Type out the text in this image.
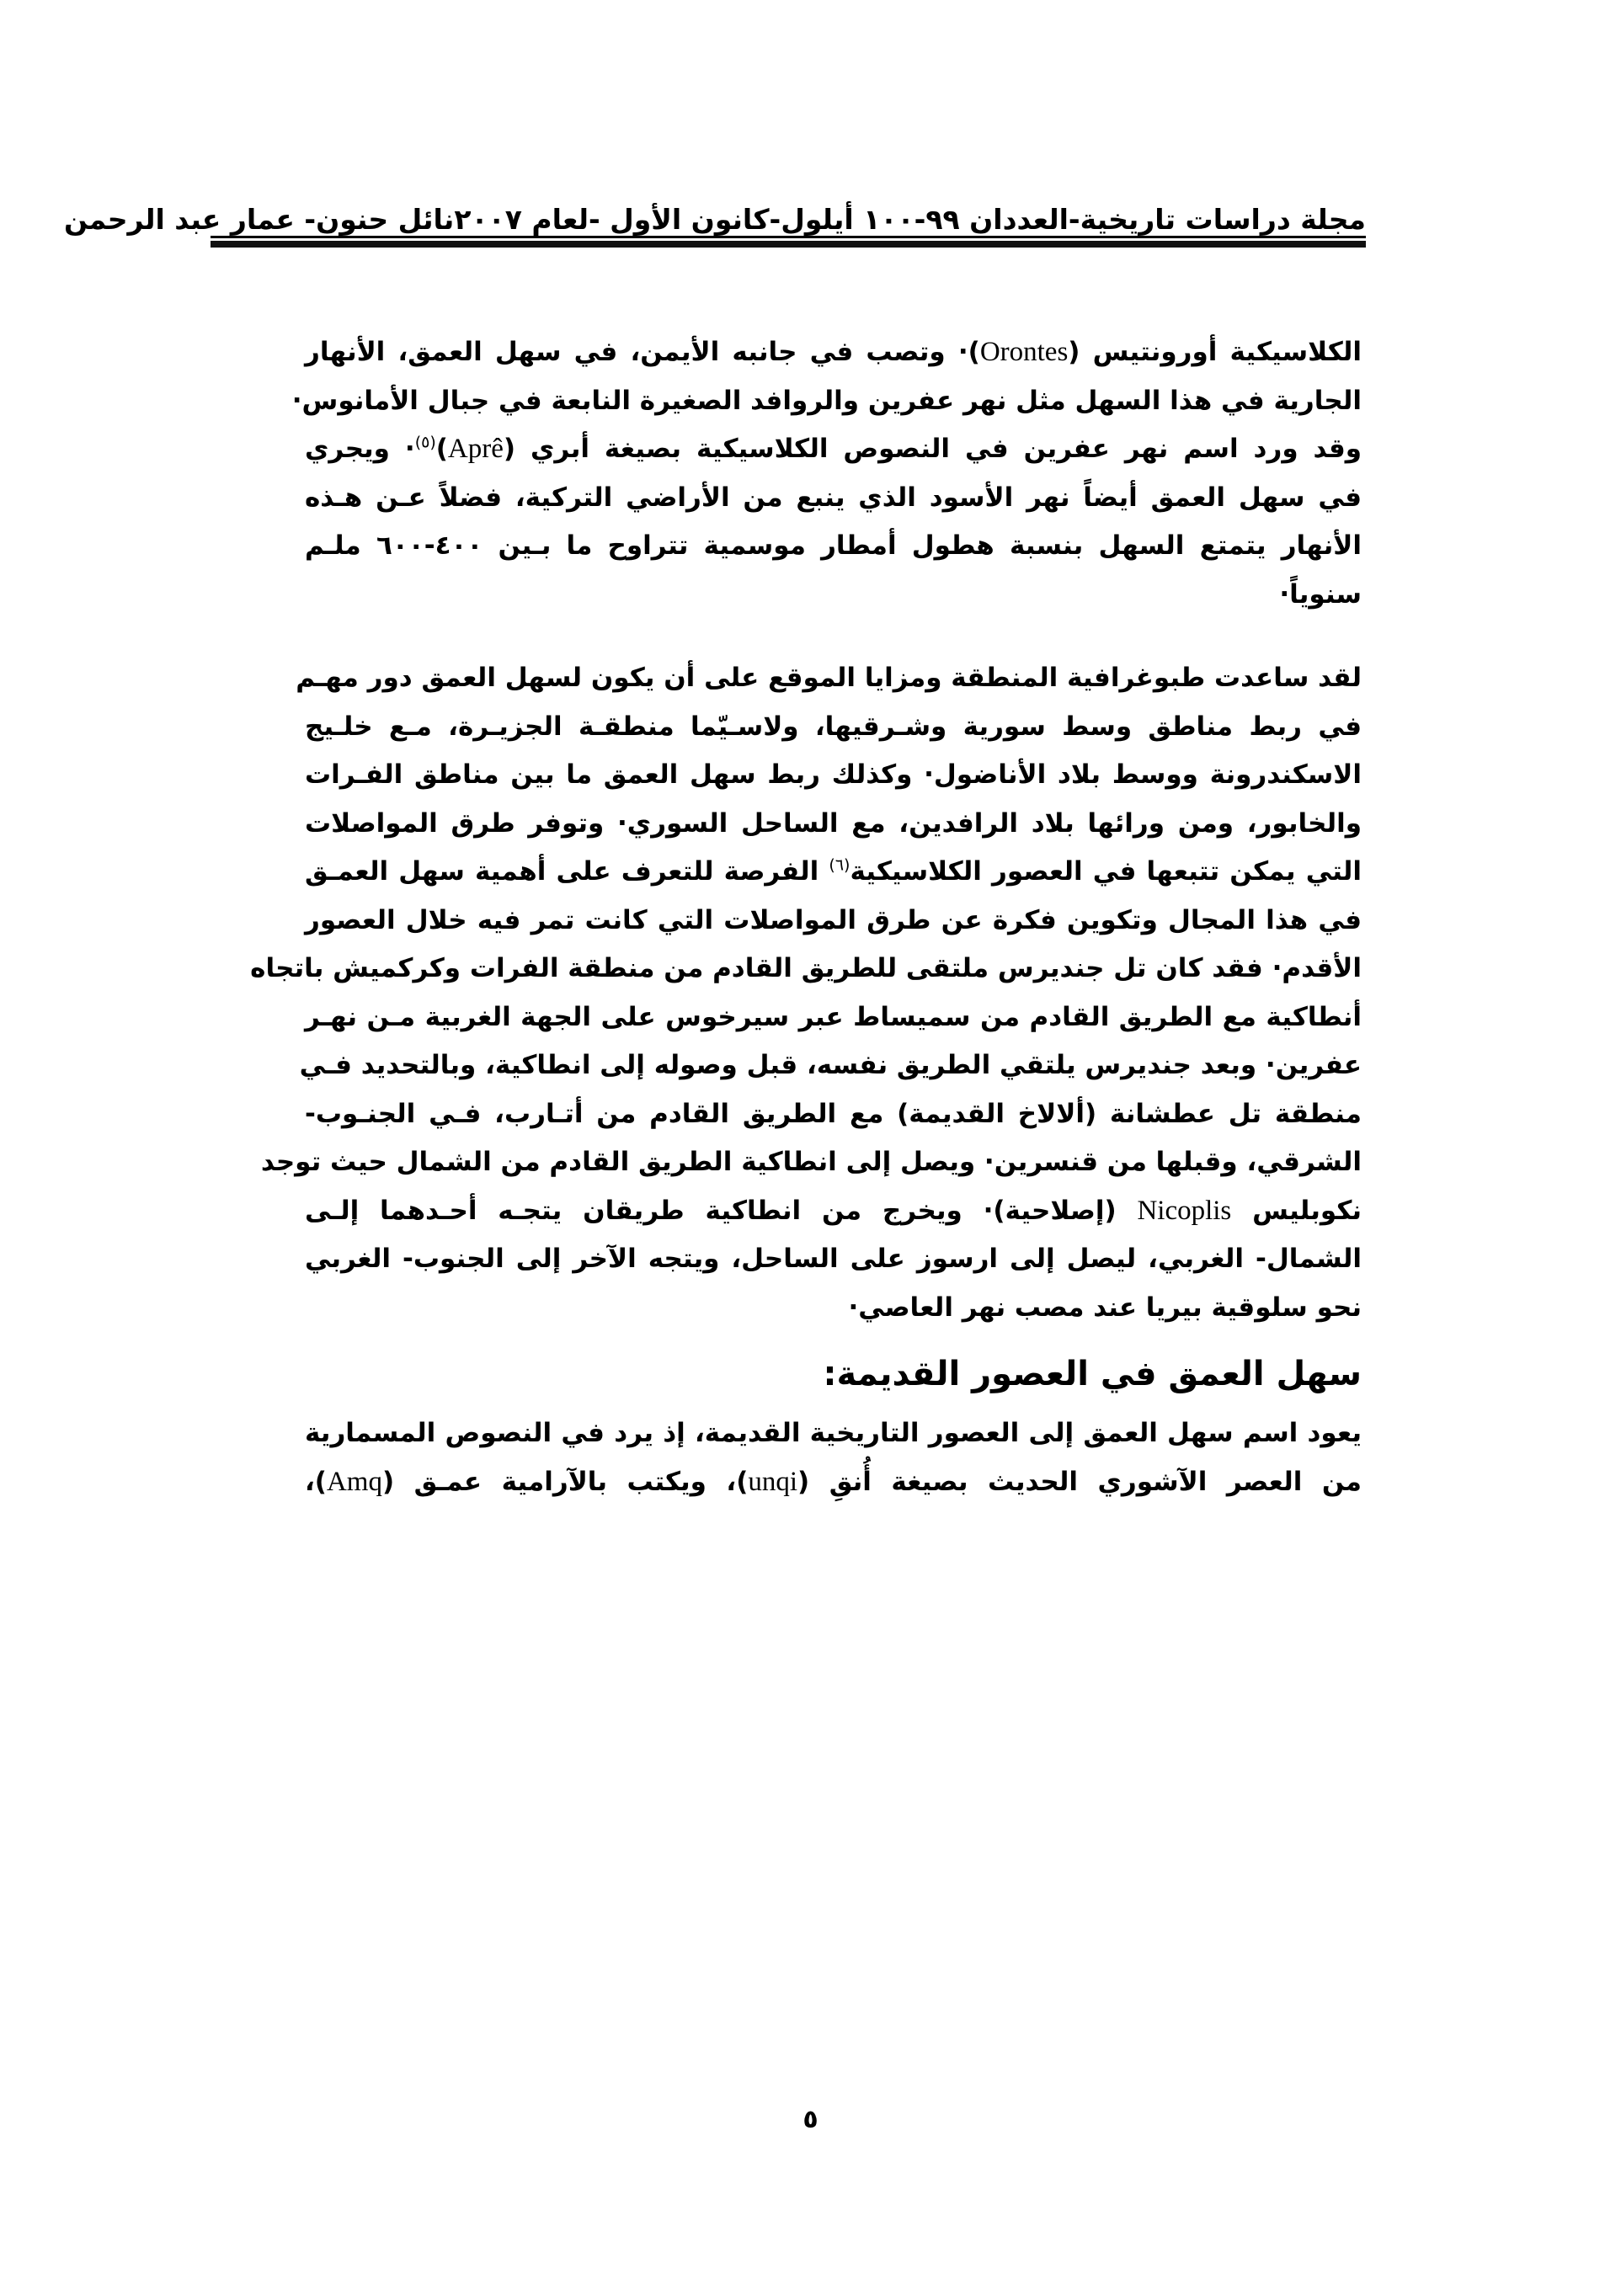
مجلة دراسات تاريخية-العددان ٩٩-١٠٠ أيلول-كانون الأول -لعام ٢٠٠٧
نائل حنون- عمار عبد الرحمن
الكلاسيكية أورونتيس (Orontes)· وتصب في جانبه الأيمن، في سهل العمق، الأنهار
الجارية في هذا السهل مثل نهر عفرين والروافد الصغيرة النابعة في جبال الأمانوس·
وقد ورد اسم نهر عفرين في النصوص الكلاسيكية بصيغة أبري (Aprê)$^{(٥)}$· ويجري
في سهل العمق أيضاً نهر الأسود الذي ينبع من الأراضي التركية، فضلاً عـن هـذه
الأنهار يتمتع السهل بنسبة هطول أمطار موسمية تتراوح ما بـين ٤٠٠-٦٠٠ ملـم
سنوياً·
لقد ساعدت طبوغرافية المنطقة ومزايا الموقع على أن يكون لسهل العمق دور مهـم
في ربط مناطق وسط سورية وشـرقيها، ولاسـيّما منطقـة الجزيـرة، مـع خلـيج
الاسكندرونة ووسط بلاد الأناضول· وكذلك ربط سهل العمق ما بين مناطق الفـرات
والخابور، ومن ورائها بلاد الرافدين، مع الساحل السوري· وتوفر طرق المواصلات
التي يمكن تتبعها في العصور الكلاسيكية$^{(٦)}$ الفرصة للتعرف على أهمية سهل العمـق
في هذا المجال وتكوين فكرة عن طرق المواصلات التي كانت تمر فيه خلال العصور
الأقدم· فقد كان تل جنديرس ملتقى للطريق القادم من منطقة الفرات وكركميش باتجاه
أنطاكية مع الطريق القادم من سميساط عبر سيرخوس على الجهة الغربية مـن نهـر
عفرين· وبعد جنديرس يلتقي الطريق نفسه، قبل وصوله إلى انطاكية، وبالتحديد فـي
منطقة تل عطشانة (ألالاخ القديمة) مع الطريق القادم من أتـارب، فـي الجنـوب-
الشرقي، وقبلها من قنسرين· ويصل إلى انطاكية الطريق القادم من الشمال حيث توجد
نكوبليس Nicoplis (إصلاحية)· ويخرج من انطاكية طريقان يتجـه أحـدهما إلـى
الشمال- الغربي، ليصل إلى ارسوز على الساحل، ويتجه الآخر إلى الجنوب- الغربي
نحو سلوقية بيريا عند مصب نهر العاصي·
سهل العمق في العصور القديمة:
يعود اسم سهل العمق إلى العصور التاريخية القديمة، إذ يرد في النصوص المسمارية
من العصر الآشوري الحديث بصيغة أُنقِ (unqi)، ويكتب بالآرامية عمـق (Amq)،
٥
